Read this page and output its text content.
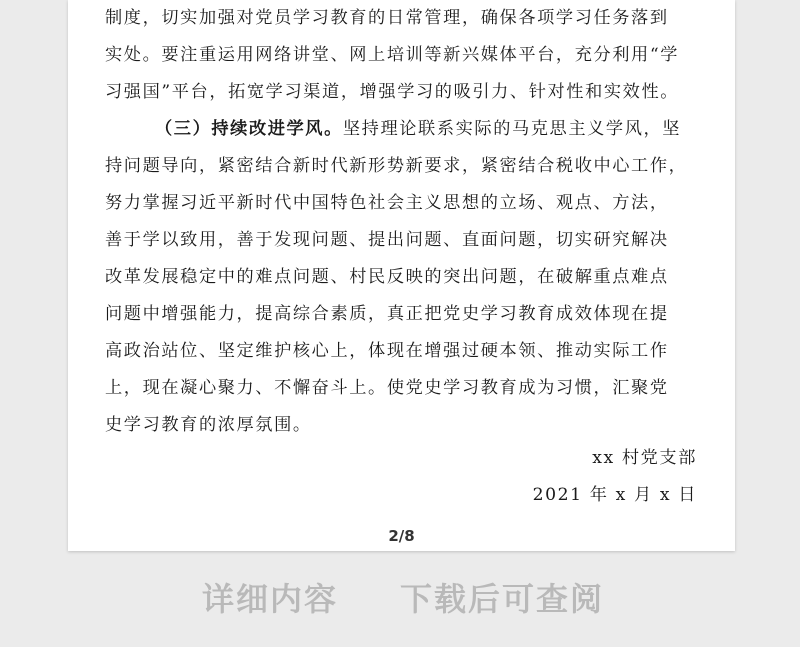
制度，切实加强对党员学习教育的日常管理，确保各项学习任务落到
实处。要注重运用网络讲堂、网上培训等新兴媒体平台，充分利用“学
习强国”平台，拓宽学习渠道，增强学习的吸引力、针对性和实效性。
（三）持续改进学风。坚持理论联系实际的马克思主义学风，坚
持问题导向，紧密结合新时代新形势新要求，紧密结合税收中心工作，
努力掌握习近平新时代中国特色社会主义思想的立场、观点、方法，
善于学以致用，善于发现问题、提出问题、直面问题，切实研究解决
改革发展稳定中的难点问题、村民反映的突出问题，在破解重点难点
问题中增强能力，提高综合素质，真正把党史学习教育成效体现在提
高政治站位、坚定维护核心上，体现在增强过硬本领、推动实际工作
上，现在凝心聚力、不懈奋斗上。使党史学习教育成为习惯，汇聚党
史学习教育的浓厚氛围。
xx 村党支部
2021 年 x 月 x 日
2/8
详细内容 下载后可查阅
